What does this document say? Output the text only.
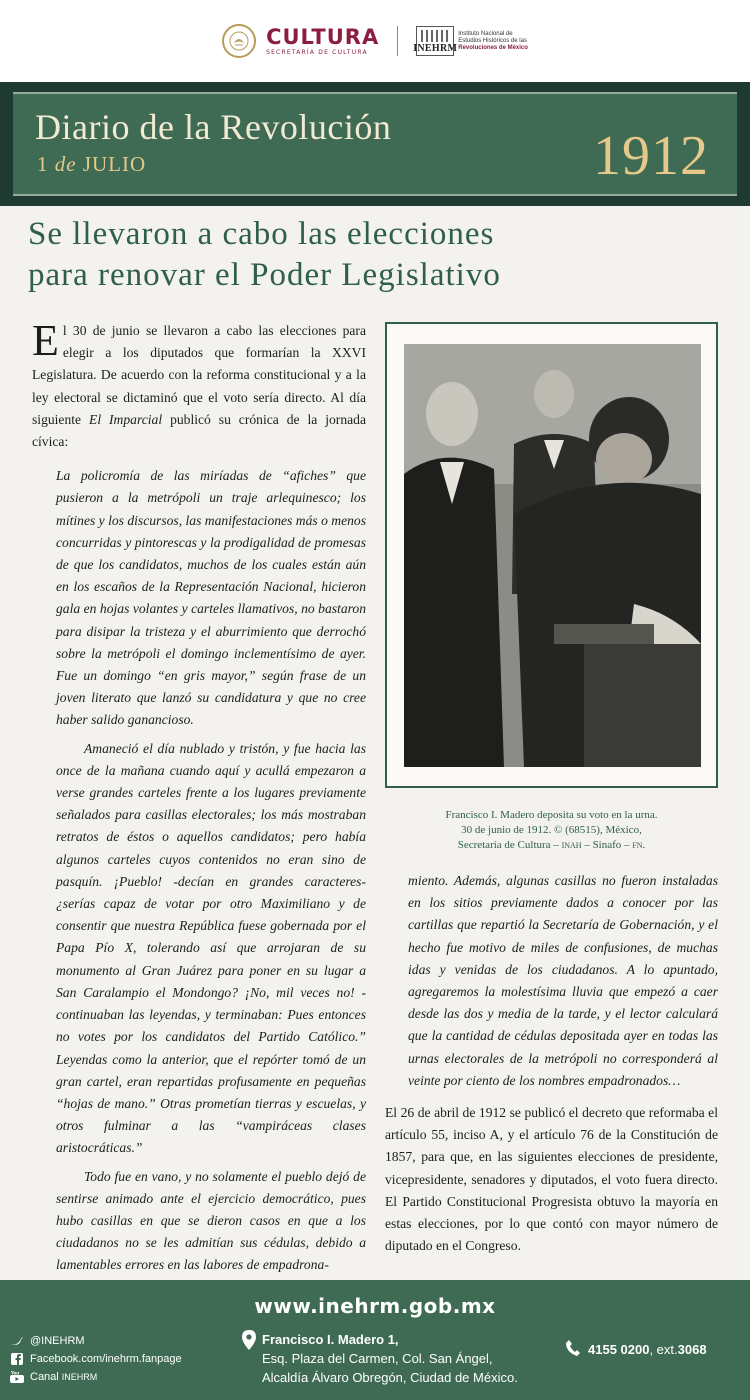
CULTURA
SECRETARÍA DE CULTURA	INEHRM
Instituto Nacional de
Estudios Históricos de las
Revoluciones de México
Diario de la Revolución
1 de JULIO	1912
Se llevaron a cabo las elecciones
para renovar el Poder Legislativo

El 30 de junio se llevaron a cabo las elecciones para elegir a los diputados que formarían la XXVI Legislatura. De acuerdo con la reforma constitucional y a la ley electoral se dictaminó que el voto sería directo. Al día siguiente El Imparcial publicó su crónica de la jornada cívica:

La policromía de las miríadas de “afiches” que pusieron a la metrópoli un traje arlequinesco; los mítines y los discursos, las manifestaciones más o menos concurridas y pintorescas y la prodigalidad de promesas de que los candidatos, muchos de los cuales están aún en los escaños de la Representación Nacional, hicieron gala en hojas volantes y carteles llamativos, no bastaron para disipar la tristeza y el aburrimiento que derrochó sobre la metrópoli el domingo inclementísimo de ayer. Fue un domingo “en gris mayor,” según frase de un joven literato que lanzó su candidatura y que no cree haber salido ganancioso.

Amaneció el día nublado y tristón, y fue hacia las once de la mañana cuando aquí y acullá empezaron a verse grandes carteles frente a los lugares previamente señalados para casillas electorales; los más mostraban retratos de éstos o aquellos candidatos; pero había algunos carteles cuyos contenidos no eran sino de pasquín. ¡Pueblo! -decían en grandes caracteres- ¿serías capaz de votar por otro Maximiliano y de consentir que nuestra República fuese gobernada por el Papa Pío X, tolerando así que arrojaran de su monumento al Gran Juárez para poner en su lugar a San Caralampio el Mondongo? ¡No, mil veces no! -continuaban las leyendas, y terminaban: Pues entonces no votes por los candidatos del Partido Católico.” Leyendas como la anterior, que el repórter tomó de un gran cartel, eran repartidas profusamente en pequeñas “hojas de mano.” Otras prometían tierras y escuelas, y otros fulminar a las “vampiráceas clases aristocráticas.”

Todo fue en vano, y no solamente el pueblo dejó de sentirse animado ante el ejercicio democrático, pues hubo casillas en que se dieron casos en que a los ciudadanos no se les admitían sus cédulas, debido a lamentables errores en las labores de empadrona-

Francisco I. Madero deposita su voto en la urna.
30 de junio de 1912. © (68515), México,
Secretaría de Cultura – inah – Sinafo – fn.
miento. Además, algunas casillas no fueron instaladas en los sitios previamente dados a conocer por las cartillas que repartió la Secretaría de Gobernación, y el hecho fue motivo de miles de confusiones, de muchas idas y venidas de los ciudadanos. A lo apuntado, agregaremos la molestísima lluvia que empezó a caer desde las dos y media de la tarde, y el lector calculará que la cantidad de cédulas depositada ayer en todas las urnas electorales de la metrópoli no corresponderá al veinte por ciento de los nombres empadronados…
El 26 de abril de 1912 se publicó el decreto que reformaba el artículo 55, inciso A, y el artículo 76 de la Constitución de 1857, para que, en las siguientes elecciones de presidente, vicepresidente, senadores y diputados, el voto fuera directo. El Partido Constitucional Progresista obtuvo la mayoría en estas elecciones, por lo que contó con mayor número de diputado en el Congreso.
www.inehrm.gob.mx
@INEHRM
Facebook.com/inehrm.fanpage
You Canal INEHRM
Francisco I. Madero 1,
Esq. Plaza del Carmen, Col. San Ángel,
Alcaldía Álvaro Obregón, Ciudad de México.
4155 0200 , ext. 3068
